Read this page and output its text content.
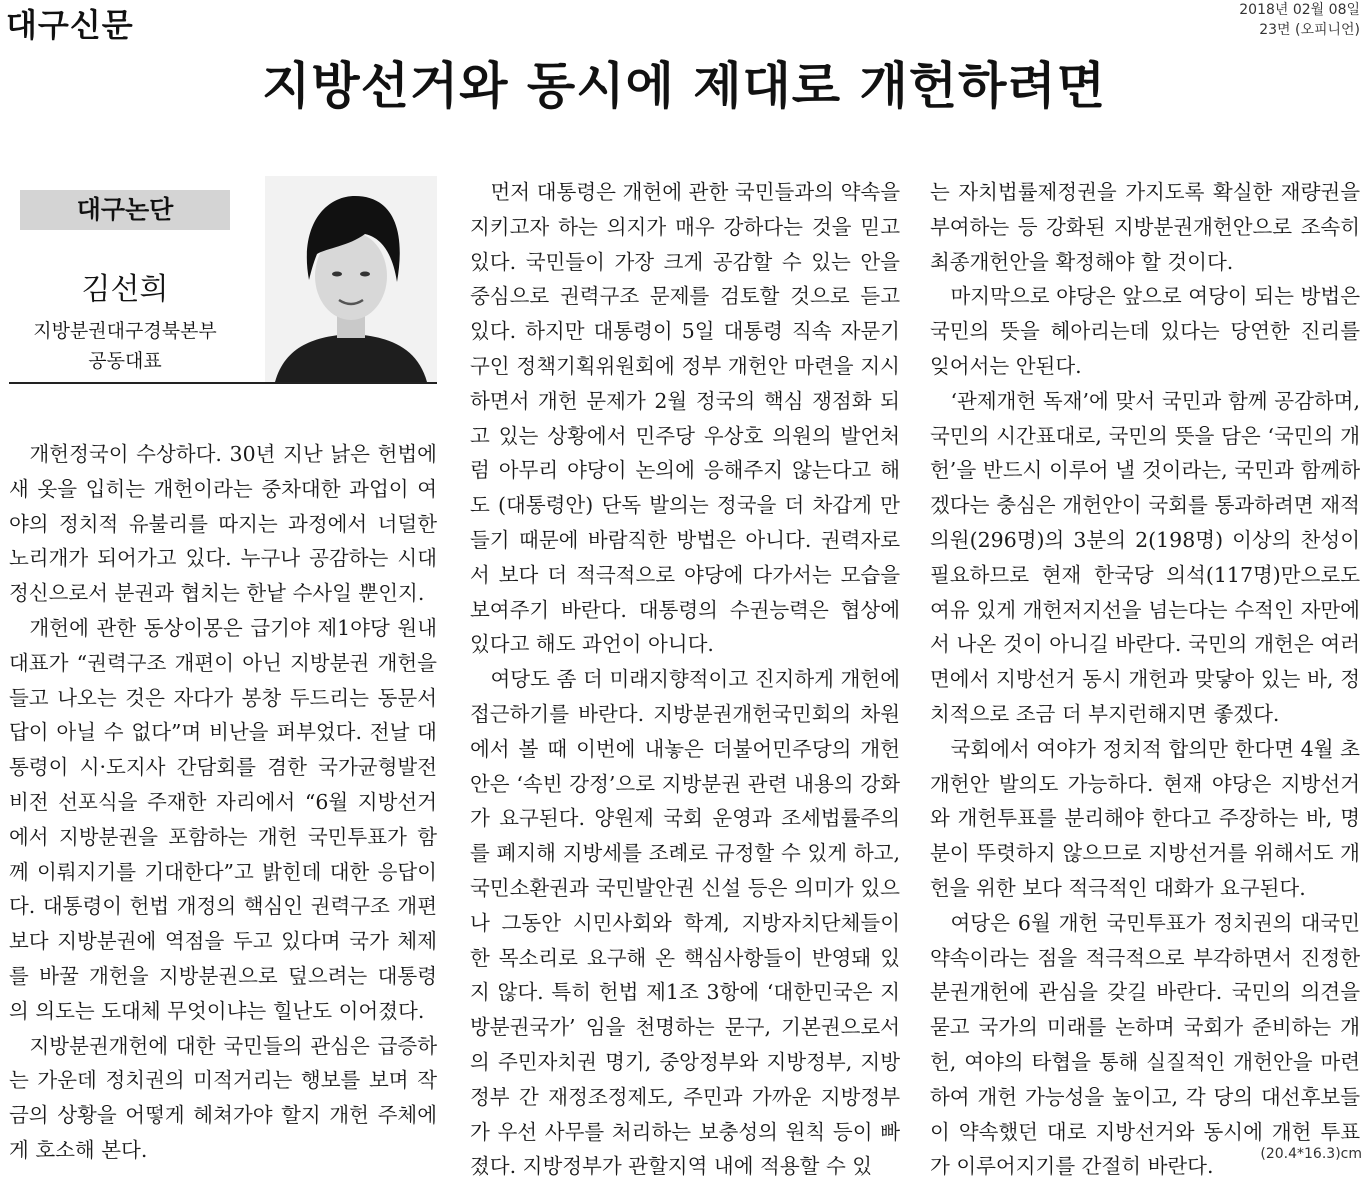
대구신문	2018년 02월 08일
23면 (오피니언)
지방선거와 동시에 제대로 개헌하려면
대구논단
김선희
지방분권대구경북본부
공동대표

개헌정국이 수상하다. 30년 지난 낡은 헌법에 새 옷을 입히는 개헌이라는 중차대한 과업이 여야의 정치적 유불리를 따지는 과정에서 너덜한 노리개가 되어가고 있다. 누구나 공감하는 시대정신으로서 분권과 협치는 한낱 수사일 뿐인지.

개헌에 관한 동상이몽은 급기야 제1야당 원내대표가 “권력구조 개편이 아닌 지방분권 개헌을 들고 나오는 것은 자다가 봉창 두드리는 동문서답이 아닐 수 없다”며 비난을 퍼부었다. 전날 대통령이 시·도지사 간담회를 겸한 국가균형발전 비전 선포식을 주재한 자리에서 “6월 지방선거에서 지방분권을 포함하는 개헌 국민투표가 함께 이뤄지기를 기대한다”고 밝힌데 대한 응답이다. 대통령이 헌법 개정의 핵심인 권력구조 개편보다 지방분권에 역점을 두고 있다며 국가 체제를 바꿀 개헌을 지방분권으로 덮으려는 대통령의 의도는 도대체 무엇이냐는 힐난도 이어졌다.

지방분권개헌에 대한 국민들의 관심은 급증하는 가운데 정치권의 미적거리는 행보를 보며 작금의 상황을 어떻게 헤쳐가야 할지 개헌 주체에게 호소해 본다.

먼저 대통령은 개헌에 관한 국민들과의 약속을 지키고자 하는 의지가 매우 강하다는 것을 믿고 있다. 국민들이 가장 크게 공감할 수 있는 안을 중심으로 권력구조 문제를 검토할 것으로 듣고 있다. 하지만 대통령이 5일 대통령 직속 자문기구인 정책기획위원회에 정부 개헌안 마련을 지시하면서 개헌 문제가 2월 정국의 핵심 쟁점화 되고 있는 상황에서 민주당 우상호 의원의 발언처럼 아무리 야당이 논의에 응해주지 않는다고 해도 (대통령안) 단독 발의는 정국을 더 차갑게 만들기 때문에 바람직한 방법은 아니다. 권력자로서 보다 더 적극적으로 야당에 다가서는 모습을 보여주기 바란다. 대통령의 수권능력은 협상에 있다고 해도 과언이 아니다.

여당도 좀 더 미래지향적이고 진지하게 개헌에 접근하기를 바란다. 지방분권개헌국민회의 차원에서 볼 때 이번에 내놓은 더불어민주당의 개헌안은 ‘속빈 강정’으로 지방분권 관련 내용의 강화가 요구된다. 양원제 국회 운영과 조세법률주의를 폐지해 지방세를 조례로 규정할 수 있게 하고, 국민소환권과 국민발안권 신설 등은 의미가 있으나 그동안 시민사회와 학계, 지방자치단체들이 한 목소리로 요구해 온 핵심사항들이 반영돼 있지 않다. 특히 헌법 제1조 3항에 ‘대한민국은 지방분권국가’ 임을 천명하는 문구, 기본권으로서의 주민자치권 명기, 중앙정부와 지방정부, 지방정부 간 재정조정제도, 주민과 가까운 지방정부가 우선 사무를 처리하는 보충성의 원칙 등이 빠졌다. 지방정부가 관할지역 내에 적용할 수 있

는 자치법률제정권을 가지도록 확실한 재량권을 부여하는 등 강화된 지방분권개헌안으로 조속히 최종개헌안을 확정해야 할 것이다.

마지막으로 야당은 앞으로 여당이 되는 방법은 국민의 뜻을 헤아리는데 있다는 당연한 진리를 잊어서는 안된다.

‘관제개헌 독재’에 맞서 국민과 함께 공감하며, 국민의 시간표대로, 국민의 뜻을 담은 ‘국민의 개헌’을 반드시 이루어 낼 것이라는, 국민과 함께하겠다는 충심은 개헌안이 국회를 통과하려면 재적 의원(296명)의 3분의 2(198명) 이상의 찬성이 필요하므로 현재 한국당 의석(117명)만으로도 여유 있게 개헌저지선을 넘는다는 수적인 자만에서 나온 것이 아니길 바란다. 국민의 개헌은 여러 면에서 지방선거 동시 개헌과 맞닿아 있는 바, 정치적으로 조금 더 부지런해지면 좋겠다.

국회에서 여야가 정치적 합의만 한다면 4월 초 개헌안 발의도 가능하다. 현재 야당은 지방선거와 개헌투표를 분리해야 한다고 주장하는 바, 명분이 뚜렷하지 않으므로 지방선거를 위해서도 개헌을 위한 보다 적극적인 대화가 요구된다.

여당은 6월 개헌 국민투표가 정치권의 대국민 약속이라는 점을 적극적으로 부각하면서 진정한 분권개헌에 관심을 갖길 바란다. 국민의 의견을 묻고 국가의 미래를 논하며 국회가 준비하는 개헌, 여야의 타협을 통해 실질적인 개헌안을 마련하여 개헌 가능성을 높이고, 각 당의 대선후보들이 약속했던 대로 지방선거와 동시에 개헌 투표가 이루어지기를 간절히 바란다.

(20.4*16.3)cm
